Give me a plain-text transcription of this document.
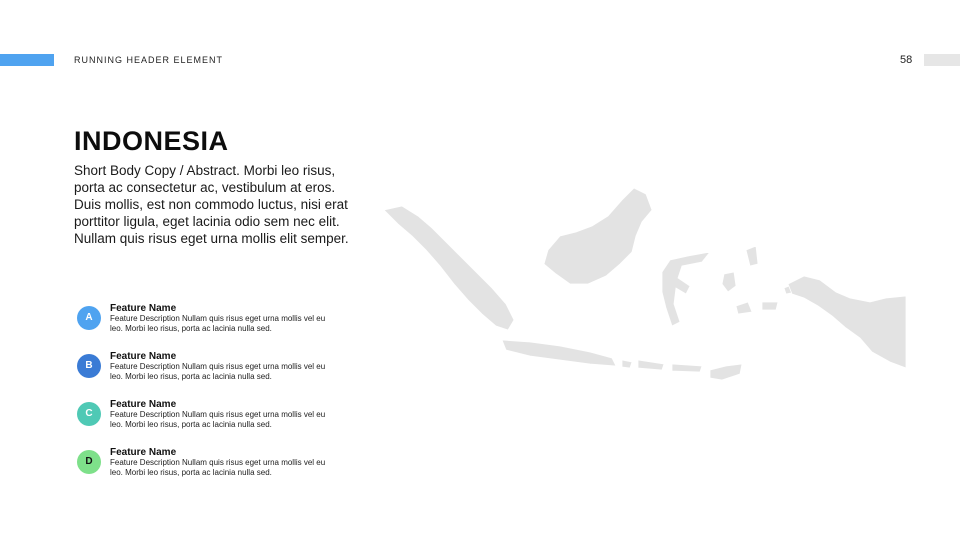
RUNNING HEADER ELEMENT	58
INDONESIA
Short Body Copy / Abstract. Morbi leo risus, porta ac consectetur ac, vestibulum at eros. Duis mollis, est non commodo luctus, nisi erat porttitor ligula, eget lacinia odio sem nec elit. Nullam quis risus eget urna mollis elit semper.
A
Feature Name
Feature Description Nullam quis risus eget urna mollis vel eu leo. Morbi leo risus, porta ac lacinia nulla sed.
B
Feature Name
Feature Description Nullam quis risus eget urna mollis vel eu leo. Morbi leo risus, porta ac lacinia nulla sed.
C
Feature Name
Feature Description Nullam quis risus eget urna mollis vel eu leo. Morbi leo risus, porta ac lacinia nulla sed.
D
Feature Name
Feature Description Nullam quis risus eget urna mollis vel eu leo. Morbi leo risus, porta ac lacinia nulla sed.
